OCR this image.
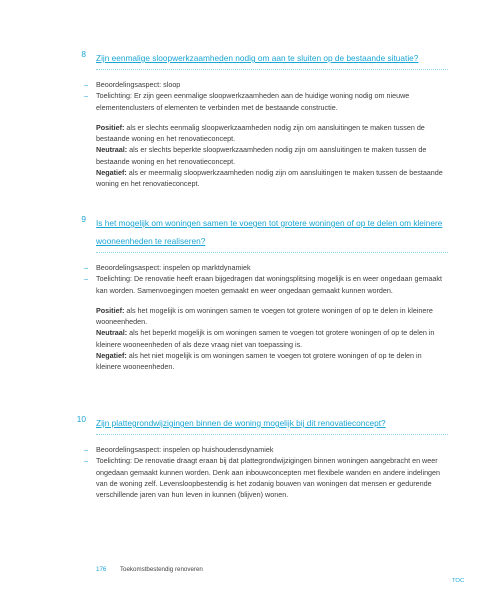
8 Zijn eenmalige sloopwerkzaamheden nodig om aan te sluiten op de bestaande situatie?
– Beoordelingsaspect: sloop
– Toelichting: Er zijn geen eenmalige sloopwerkzaamheden aan de huidige woning nodig om nieuwe elementenclusters of elementen te verbinden met de bestaande constructie.
Positief: als er slechts eenmalig sloopwerkzaamheden nodig zijn om aansluitingen te maken tussen de bestaande woning en het renovatieconcept.
Neutraal: als er slechts beperkte sloopwerkzaamheden nodig zijn om aansluitingen te maken tussen de bestaande woning en het renovatieconcept.
Negatief: als er meermalig sloopwerkzaamheden nodig zijn om aansluitingen te maken tussen de bestaande woning en het renovatieconcept.
9 Is het mogelijk om woningen samen te voegen tot grotere woningen of op te delen om kleinere wooneenheden te realiseren?
– Beoordelingsaspect: inspelen op marktdynamiek
– Toelichting: De renovatie heeft eraan bijgedragen dat woningsplitsing mogelijk is en weer ongedaan gemaakt kan worden. Samenvoegingen moeten gemaakt en weer ongedaan gemaakt kunnen worden.
Positief: als het mogelijk is om woningen samen te voegen tot grotere woningen of op te delen in kleinere wooneenheden.
Neutraal: als het beperkt mogelijk is om woningen samen te voegen tot grotere woningen of op te delen in kleinere wooneenheden of als deze vraag niet van toepassing is.
Negatief: als het niet mogelijk is om woningen samen te voegen tot grotere woningen of op te delen in kleinere wooneenheden.
10 Zijn plattegrondwijzigingen binnen de woning mogelijk bij dit renovatieconcept?
– Beoordelingsaspect: inspelen op huishoudensdynamiek
– Toelichting: De renovatie draagt eraan bij dat plattegrondwijzigingen binnen woningen aangebracht en weer ongedaan gemaakt kunnen worden. Denk aan inbouwconcepten met flexibele wanden en andere indelingen van de woning zelf. Levensloopbestendig is het zodanig bouwen van woningen dat mensen er gedurende verschillende jaren van hun leven in kunnen (blijven) wonen.
176 Toekomstbestendig renoveren
TOC
